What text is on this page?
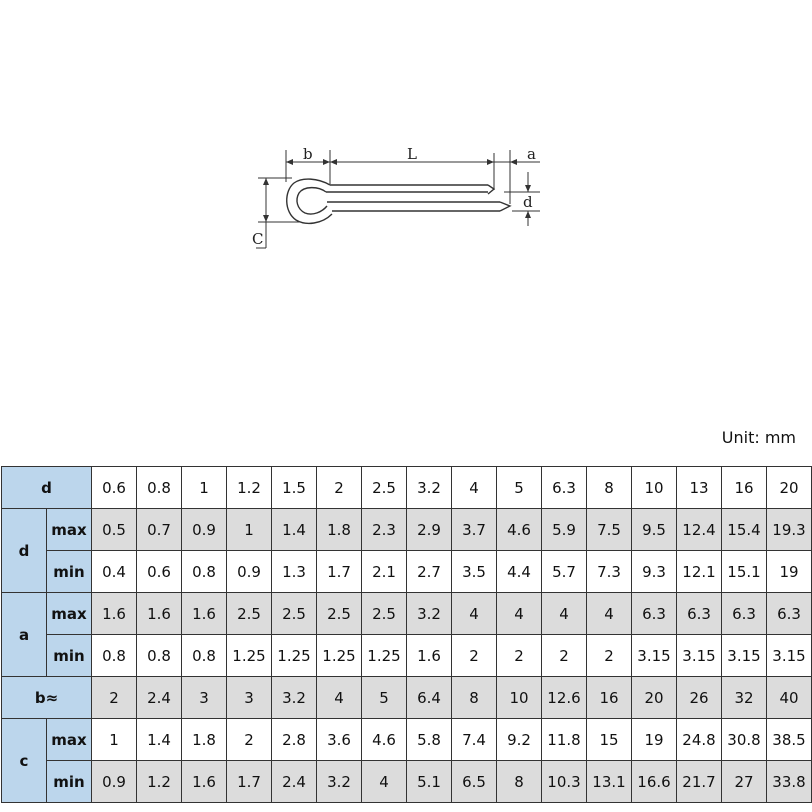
b	L	a
d
C
Unit: mm
d		0.6	0.8	1	1.2	1.5	2	2.5	3.2	4	5	6.3	8	10	13	16	20
d	max	0.5	0.7	0.9	1	1.4	1.8	2.3	2.9	3.7	4.6	5.9	7.5	9.5	12.4	15.4	19.3
	min	0.4	0.6	0.8	0.9	1.3	1.7	2.1	2.7	3.5	4.4	5.7	7.3	9.3	12.1	15.1	19
a	max	1.6	1.6	1.6	2.5	2.5	2.5	2.5	3.2	4	4	4	4	6.3	6.3	6.3	6.3
	min	0.8	0.8	0.8	1.25	1.25	1.25	1.25	1.6	2	2	2	2	3.15	3.15	3.15	3.15
b≈		2	2.4	3	3	3.2	4	5	6.4	8	10	12.6	16	20	26	32	40
c	max	1	1.4	1.8	2	2.8	3.6	4.6	5.8	7.4	9.2	11.8	15	19	24.8	30.8	38.5
	min	0.9	1.2	1.6	1.7	2.4	3.2	4	5.1	6.5	8	10.3	13.1	16.6	21.7	27	33.8
